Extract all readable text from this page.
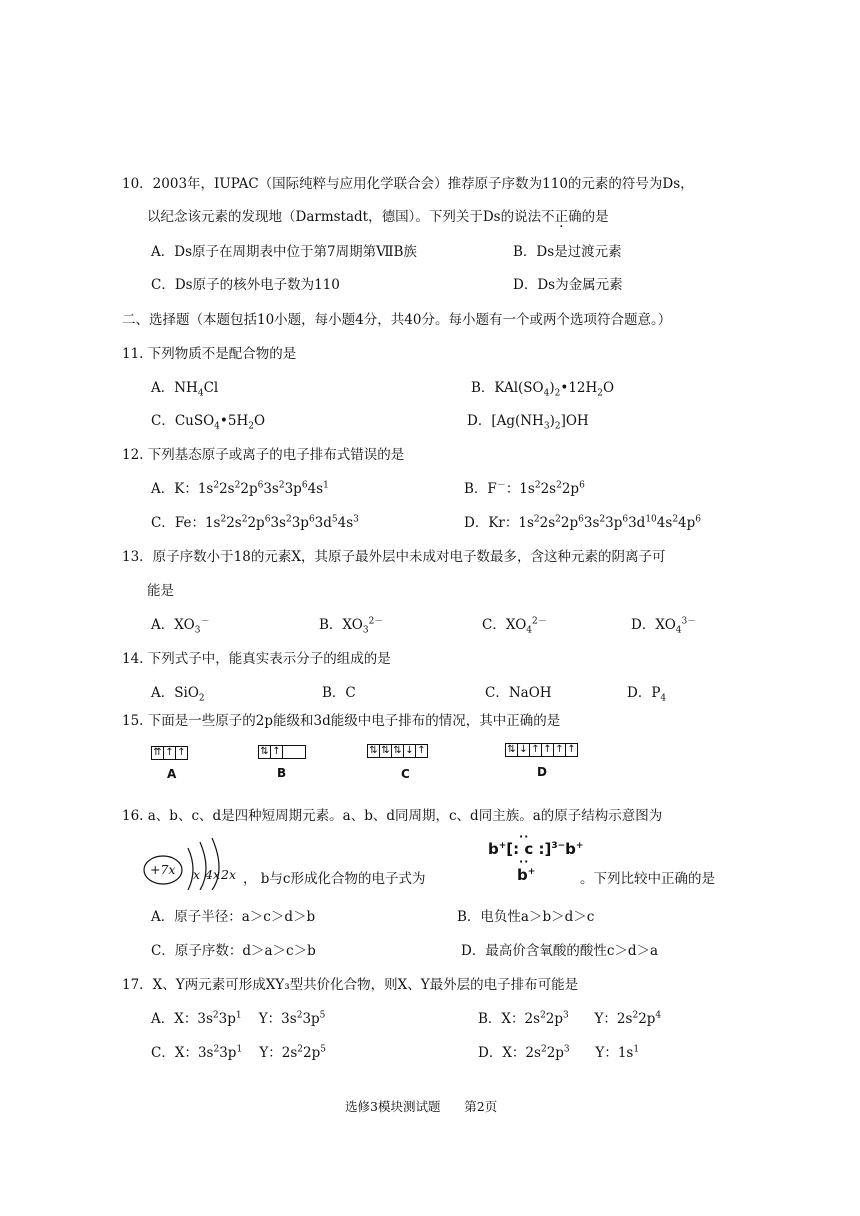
10．2003年，IUPAC（国际纯粹与应用化学联合会）推荐原子序数为110的元素的符号为Ds，
以纪念该元素的发现地（Darmstadt，德国）。下列关于Ds的说法不正确的是
A．Ds原子在周期表中位于第7周期第ⅦB族	B．Ds是过渡元素
C．Ds原子的核外电子数为110	D．Ds为金属元素
二、选择题（本题包括10小题，每小题4分，共40分。每小题有一个或两个选项符合题意。）
11. 下列物质不是配合物的是
A．$NH_4Cl$	B．$KAl(SO_4)_2•12H_2O$
C．$CuSO_4•5H_2O$	D．$[Ag(NH_3)_2]OH$
12. 下列基态原子或离子的电子排布式错误的是
A．K：$1s^22s^22p^63s^23p^64s^1$	B．F－：$1s^22s^22p^6$
C．Fe：$1s^22s^22p^63s^23p^63d^54s^3$	D．Kr：$1s^22s^22p^63s^23p^63d^{10}4s^24p^6$
13．原子序数小于18的元素X，其原子最外层中未成对电子数最多，含这种元素的阴离子可
能是
A．$XO_3^-$	B．$XO_3^{2-}$	C．$XO_4^{2-}$	D．$XO_4^{3-}$
14. 下列式子中，能真实表示分子的组成的是
A．SiO$_2$	B．C	C．NaOH	D．$P_4$
15. 下面是一些原子的2p能级和3d能级中电子排布的情况，其中正确的是
⇈ ↑ ↑	⇅ ↑	⇅ ⇅ ⇅ ↓ ↑	⇅ ↓ ↑ ↑ ↑ ↑
A	B	C	D
16. a、b、c、d是四种短周期元素。a、b、d同周期，c、d同主族。a的原子结构示意图为
+7x x 4x 2x ， b与c形成化合物的电子式为
b+[: c :]$^{3-}$b+
··
··
b+	。下列比较中正确的是
A．原子半径：a＞c＞d＞b	B．电负性a＞b＞d＞c
C．原子序数：d＞a＞c＞b	D．最高价含氧酸的酸性c＞d＞a
17．X、Y两元素可形成XY₃型共价化合物，则X、Y最外层的电子排布可能是
A．X：$3s^23p^1$    Y：$3s^23p^5$	B．X：$2s^22p^3$      Y：$2s^22p^4$
C．X：$3s^23p^1$    Y：$2s^22p^5$	D．X：$2s^22p^3$      Y：$1s^1$
选修3模块测试题      第2页
